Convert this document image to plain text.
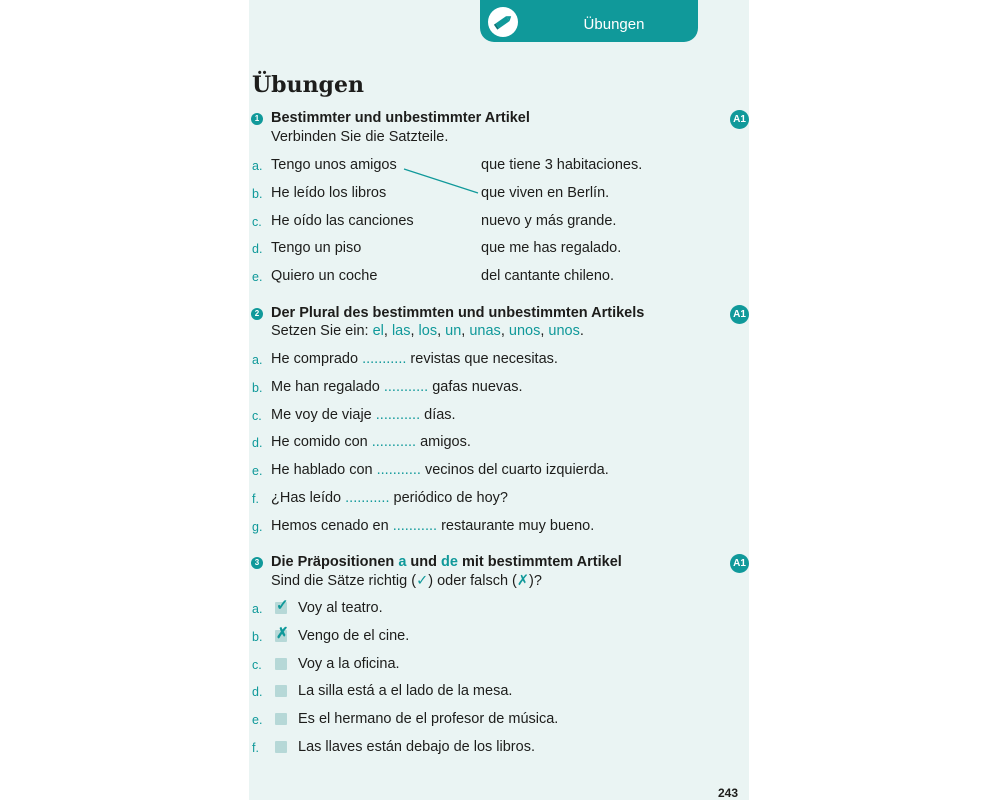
Übungen
Übungen
1 Bestimmter und unbestimmter Artikel
Verbinden Sie die Satzteile.
A1
a. Tengo unos amigos	que tiene 3 habitaciones.
b. He leído los libros	que viven en Berlín.
c. He oído las canciones	nuevo y más grande.
d. Tengo un piso	que me has regalado.
e. Quiero un coche	del cantante chileno.
2 Der Plural des bestimmten und unbestimmten Artikels
Setzen Sie ein: el, las, los, un, unas, unos, unos.
A1
a. He comprado ........... revistas que necesitas.
b. Me han regalado ........... gafas nuevas.
c. Me voy de viaje ........... días.
d. He comido con ........... amigos.
e. He hablado con ........... vecinos del cuarto izquierda.
f. ¿Has leído ........... periódico de hoy?
g. Hemos cenado en ........... restaurante muy bueno.
3 Die Präpositionen a und de mit bestimmtem Artikel
Sind die Sätze richtig (✓) oder falsch (✗)?
A1
a. ✓ Voy al teatro.
b. ✗ Vengo de el cine.
c.	Voy a la oficina.
d. La silla está a el lado de la mesa.
e. Es el hermano de el profesor de música.
f.	Las llaves están debajo de los libros.
243
